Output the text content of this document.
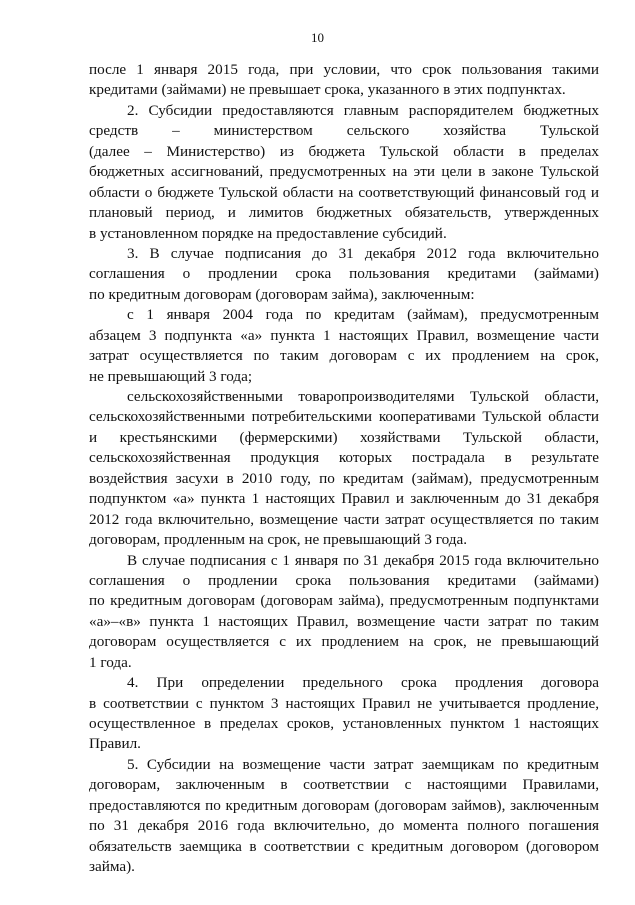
10
после 1 января 2015 года, при условии, что срок пользования такими
кредитами (займами) не превышает срока, указанного в этих подпунктах.
2. Субсидии предоставляются главным распорядителем бюджетных
средств – министерством сельского хозяйства Тульской
(далее – Министерство) из бюджета Тульской области в пределах
бюджетных ассигнований, предусмотренных на эти цели в законе Тульской
области о бюджете Тульской области на соответствующий финансовый год и
плановый период, и лимитов бюджетных обязательств, утвержденных
в установленном порядке на предоставление субсидий.
3. В случае подписания до 31 декабря 2012 года включительно
соглашения о продлении срока пользования кредитами (займами)
по кредитным договорам (договорам займа), заключенным:
с 1 января 2004 года по кредитам (займам), предусмотренным
абзацем 3 подпункта «а» пункта 1 настоящих Правил, возмещение части
затрат осуществляется по таким договорам с их продлением на срок,
не превышающий 3 года;
сельскохозяйственными товаропроизводителями Тульской области,
сельскохозяйственными потребительскими кооперативами Тульской области
и крестьянскими (фермерскими) хозяйствами Тульской области,
сельскохозяйственная продукция которых пострадала в результате
воздействия засухи в 2010 году, по кредитам (займам), предусмотренным
подпунктом «а» пункта 1 настоящих Правил и заключенным до 31 декабря
2012 года включительно, возмещение части затрат осуществляется по таким
договорам, продленным на срок, не превышающий 3 года.
В случае подписания с 1 января по 31 декабря 2015 года включительно
соглашения о продлении срока пользования кредитами (займами)
по кредитным договорам (договорам займа), предусмотренным подпунктами
«а»–«в» пункта 1 настоящих Правил, возмещение части затрат по таким
договорам осуществляется с их продлением на срок, не превышающий
1 года.
4. При определении предельного срока продления договора
в соответствии с пунктом 3 настоящих Правил не учитывается продление,
осуществленное в пределах сроков, установленных пунктом 1 настоящих
Правил.
5. Субсидии на возмещение части затрат заемщикам по кредитным
договорам, заключенным в соответствии с настоящими Правилами,
предоставляются по кредитным договорам (договорам займов), заключенным
по 31 декабря 2016 года включительно, до момента полного погашения
обязательств заемщика в соответствии с кредитным договором (договором
займа).
